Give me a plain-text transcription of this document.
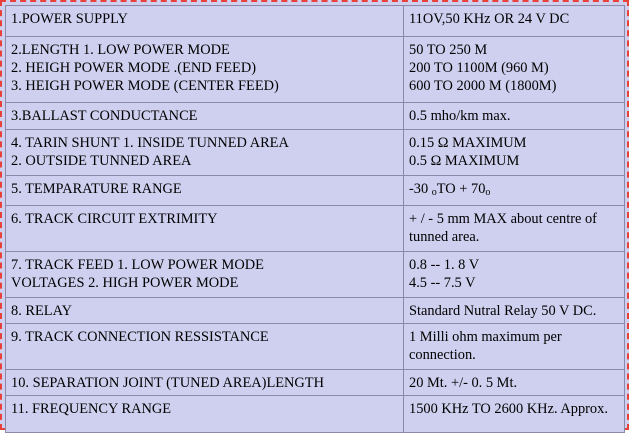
1.POWER SUPPLY	11OV,50 KHz OR 24 V DC

2.LENGTH 1. LOW POWER MODE
2. HEIGH POWER MODE .(END FEED)
3. HEIGH POWER MODE (CENTER FEED)	50 TO 250 M
200 TO 1100M (960 M)
600 TO 2000 M (1800M)

3.BALLAST CONDUCTANCE	0.5 mho/km max.

4. TARIN SHUNT 1. INSIDE TUNNED AREA
2. OUTSIDE TUNNED AREA	0.15 Ω MAXIMUM
0.5 Ω MAXIMUM

5. TEMPARATURE RANGE	-30 $_oTO + 70_o$

6. TRACK CIRCUIT EXTRIMITY	+ / - 5 mm MAX about centre of tunned area.

7. TRACK FEED 1. LOW POWER MODE
VOLTAGES 2. HIGH POWER MODE	0.8 -- 1. 8 V
4.5 -- 7.5 V

8. RELAY	Standard Nutral Relay 50 V DC.

9. TRACK CONNECTION RESSISTANCE	1 Milli ohm maximum per connection.

10. SEPARATION JOINT (TUNED AREA)LENGTH	20 Mt. +/- 0. 5 Mt.

11. FREQUENCY RANGE	1500 KHz TO 2600 KHz. Approx.
